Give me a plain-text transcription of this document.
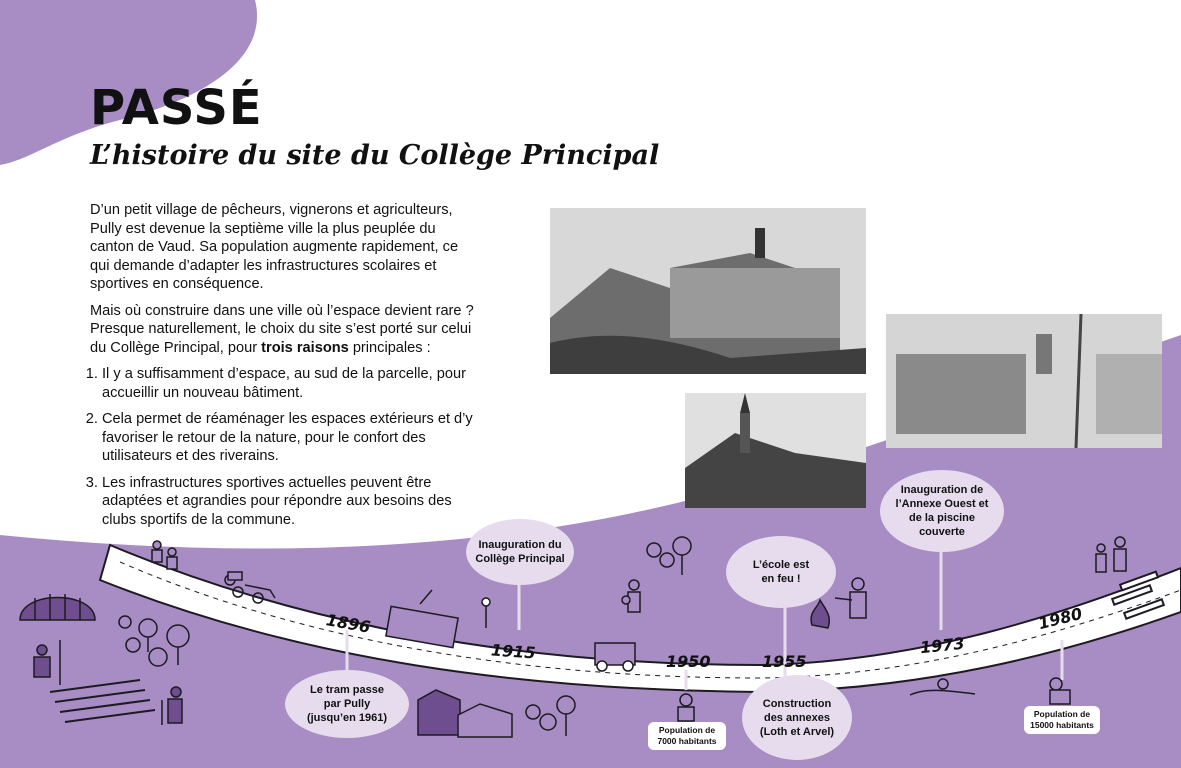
PASSÉ
L’histoire du site du Collège Principal

D’un petit village de pêcheurs, vignerons et agriculteurs, Pully est devenue la septième ville la plus peuplée du canton de Vaud. Sa population augmente rapidement, ce qui demande d’adapter les infrastructures scolaires et sportives en conséquence.

Mais où construire dans une ville où l’espace devient rare ? Presque naturellement, le choix du site s’est porté sur celui du Collège Principal, pour trois raisons principales :

1. Il y a suffisamment d’espace, au sud de la parcelle, pour accueillir un nouveau bâtiment.
2. Cela permet de réaménager les espaces extérieurs et d’y favoriser le retour de la nature, pour le confort des utilisateurs et des riverains.
3. Les infrastructures sportives actuelles peuvent être adaptées et agrandies pour répondre aux besoins des clubs sportifs de la commune.
Inauguration du Collège Principal
Le tram passe par Pully (jusqu’en 1961)
L’école est en feu !
Construction des annexes (Loth et Arvel)
Inauguration de l’Annexe Ouest et de la piscine couverte
Population de 7000 habitants
Population de 15000 habitants
1896
1915	1950	1955
1973
1980
